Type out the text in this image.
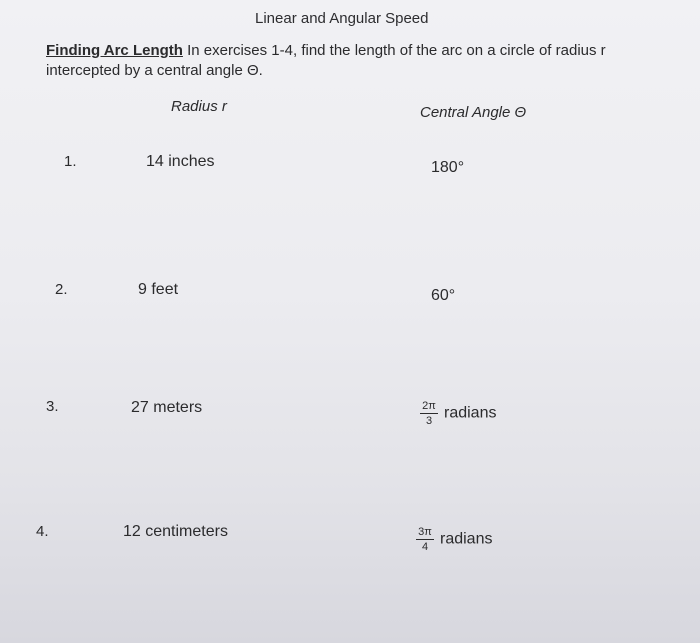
Linear and Angular Speed
Finding Arc Length In exercises 1-4, find the length of the arc on a circle of radius r intercepted by a central angle Θ.
Radius r	Central Angle Θ
1.	14 inches	180°
2.	9 feet	60°
3.	27 meters	$\frac{2\pi}{3}$ radians
4.	12 centimeters	$\frac{3\pi}{4}$ radians
